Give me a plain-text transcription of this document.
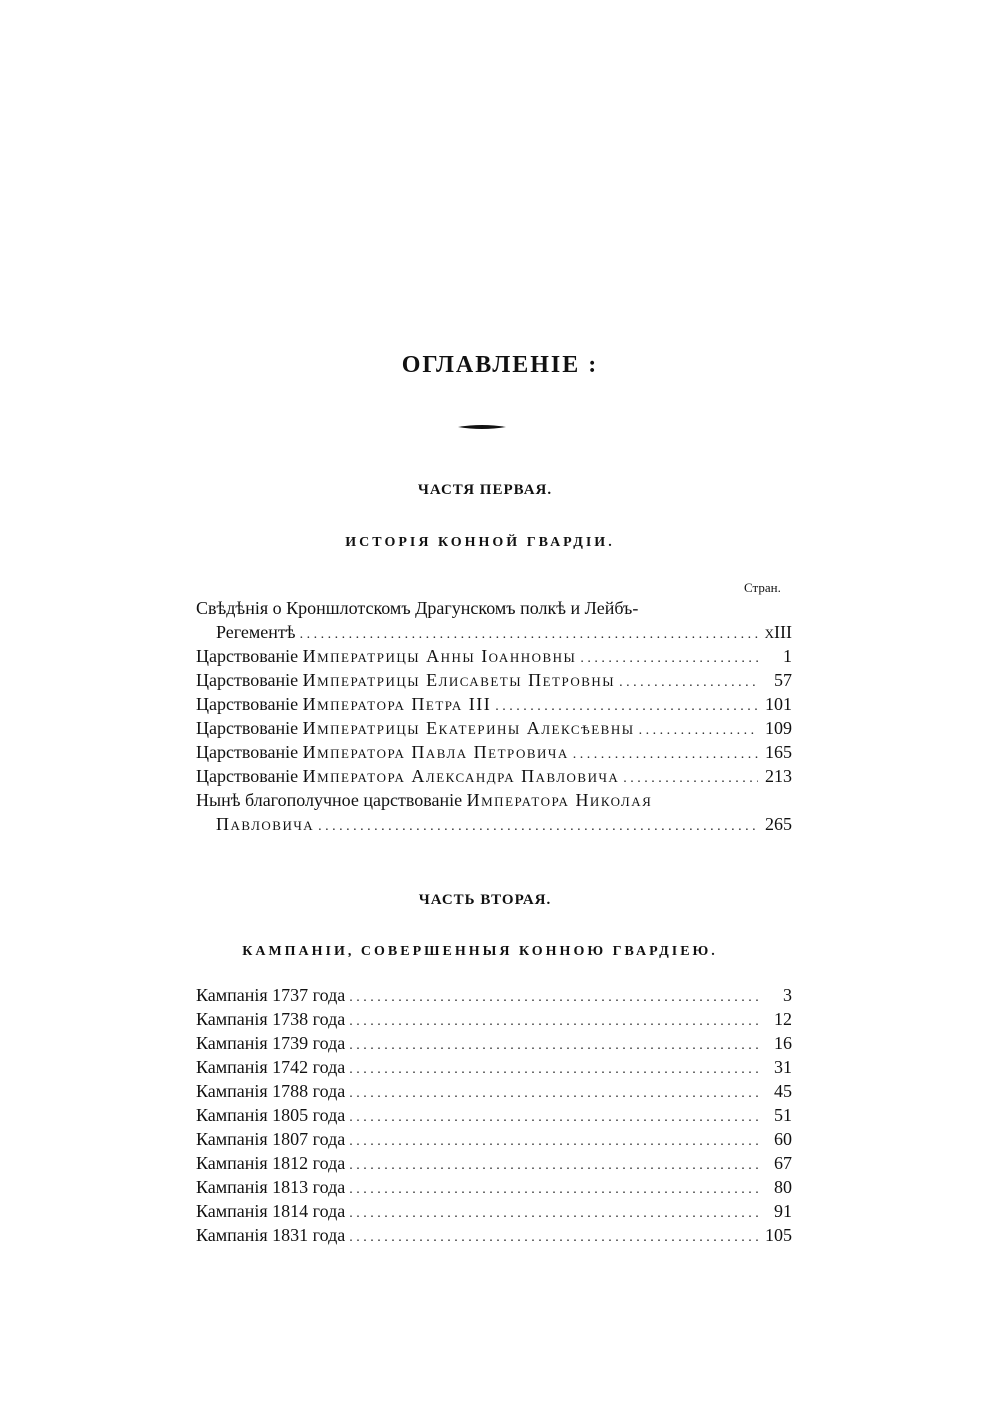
ОГЛАВЛЕНIЕ :
ЧАСТЯ ПЕРВАЯ.
ИСТОРIЯ КОННОЙ ГВАРДIИ.
Стран.
Свѣдѣнія о Кроншлотскомъ Драгунскомъ полкѣ и Лейбъ-
Регементѣ . . .	xIII
Царствованіе Императрицы Анны Іоанновны . . .	1
Царствованіе Императрицы Елисаветы Петровны . . .	57
Царствованіе Императора Петра III . . .	101
Царствованіе Императрицы Екатерины Алексѣевны . . .	109
Царствованіе Императора Павла Петровича . . .	165
Царствованіе Императора Александра Павловича . . .	213
Нынѣ благополучное царствованіе Императора Николая
Павловича . . .	265
ЧАСТЬ ВТОРАЯ.
КАМПАНIИ, СОВЕРШЕННЫЯ КОННОЮ ГВАРДIЕЮ.
Кампанія 1737 года . . .	3
Кампанія 1738 года . . .	12
Кампанія 1739 года . . .	16
Кампанія 1742 года . . .	31
Кампанія 1788 года . . .	45
Кампанія 1805 года . . .	51
Кампанія 1807 года . . .	60
Кампанія 1812 года . . .	67
Кампанія 1813 года . . .	80
Кампанія 1814 года . . .	91
Кампанія 1831 года . . .	105
